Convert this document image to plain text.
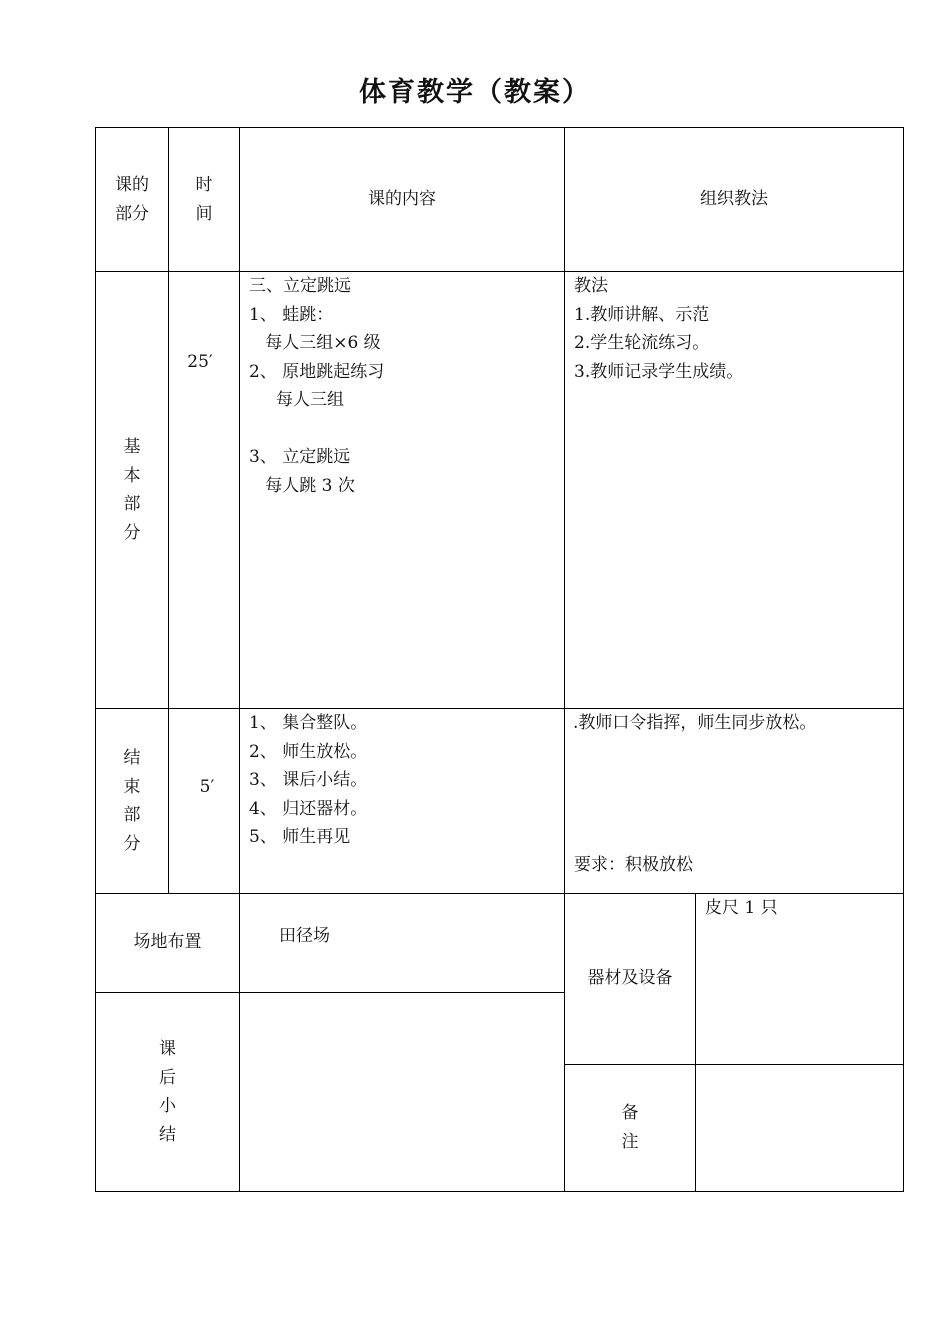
体育教学（教案）
课的
部分
时
间
课的内容	组织教法
基
本
部
分
25′
三、立定跳远
1、 蛙跳：
每人三组×6 级
2、 原地跳起练习
每人三组

3、 立定跳远
每人跳 3 次
教法
1.教师讲解、示范
2.学生轮流练习。
3.教师记录学生成绩。
结
束
部
分
5′
1、 集合整队。
2、 师生放松。
3、 课后小结。
4、 归还器材。
5、 师生再见
.教师口令指挥，师生同步放松。
要求：积极放松
场地布置	田径场
器材及设备
皮尺 1 只
课
后
小
结
备
注
